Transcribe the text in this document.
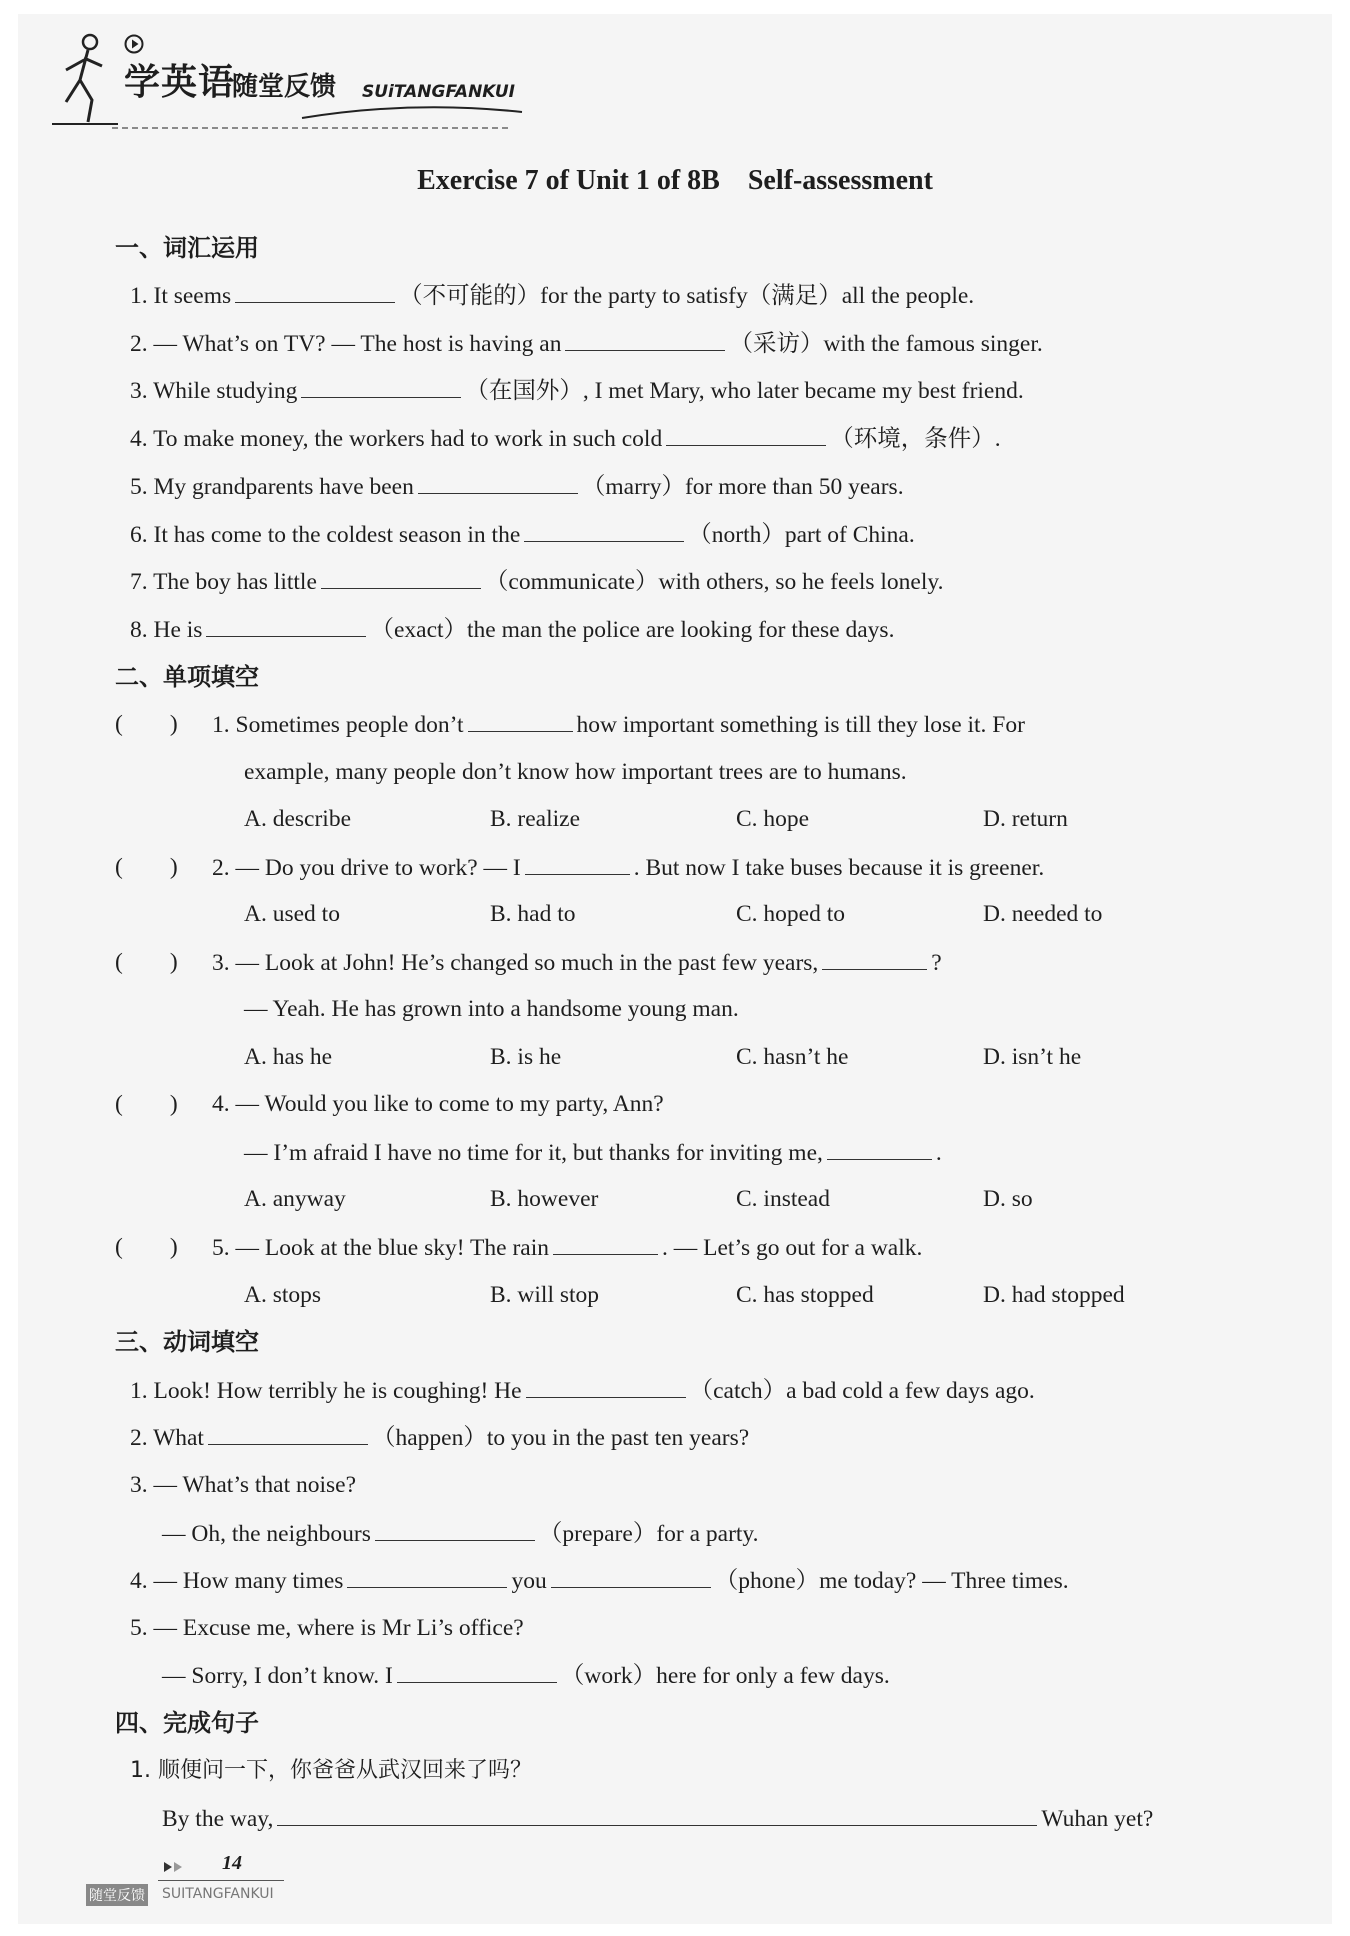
学英语
随堂反馈 SUiTANGFANKUI
Exercise 7 of Unit 1 of 8B　Self-assessment
一、词汇运用
1. It seems	（不可能的）for the party to satisfy（满足）all the people.
2. — What’s on TV? — The host is having an	（采访）with the famous singer.
3. While studying	（在国外）, I met Mary, who later became my best friend.
4. To make money, the workers had to work in such cold	（环境，条件）.
5. My grandparents have been	（marry）for more than 50 years.
6. It has come to the coldest season in the	（north）part of China.
7. The boy has little	（communicate）with others, so he feels lonely.
8. He is	（exact）the man the police are looking for these days.
二、单项填空
(　　) 1. Sometimes people don’t	how important something is till they lose it. For
example, many people don’t know how important trees are to humans.
A. describe	B. realize	C. hope	D. return
(　　) 2. — Do you drive to work? — I	. But now I take buses because it is greener.
A. used to	B. had to	C. hoped to	D. needed to
(　　) 3. — Look at John! He’s changed so much in the past few years,	?
— Yeah. He has grown into a handsome young man.
A. has he	B. is he	C. hasn’t he	D. isn’t he
(　　) 4. — Would you like to come to my party, Ann?
— I’m afraid I have no time for it, but thanks for inviting me,	.
A. anyway	B. however	C. instead	D. so
(　　) 5. — Look at the blue sky! The rain	. — Let’s go out for a walk.
A. stops	B. will stop	C. has stopped	D. had stopped
三、动词填空
1. Look! How terribly he is coughing! He	（catch）a bad cold a few days ago.
2. What	（happen）to you in the past ten years?
3. — What’s that noise?
— Oh, the neighbours	（prepare）for a party.
4. — How many times	you	（phone）me today? — Three times.
5. — Excuse me, where is Mr Li’s office?
— Sorry, I don’t know. I	（work）here for only a few days.
四、完成句子
1. 顺便问一下，你爸爸从武汉回来了吗？
By the way,	Wuhan yet?
14
随堂反馈 SUITANGFANKUI
